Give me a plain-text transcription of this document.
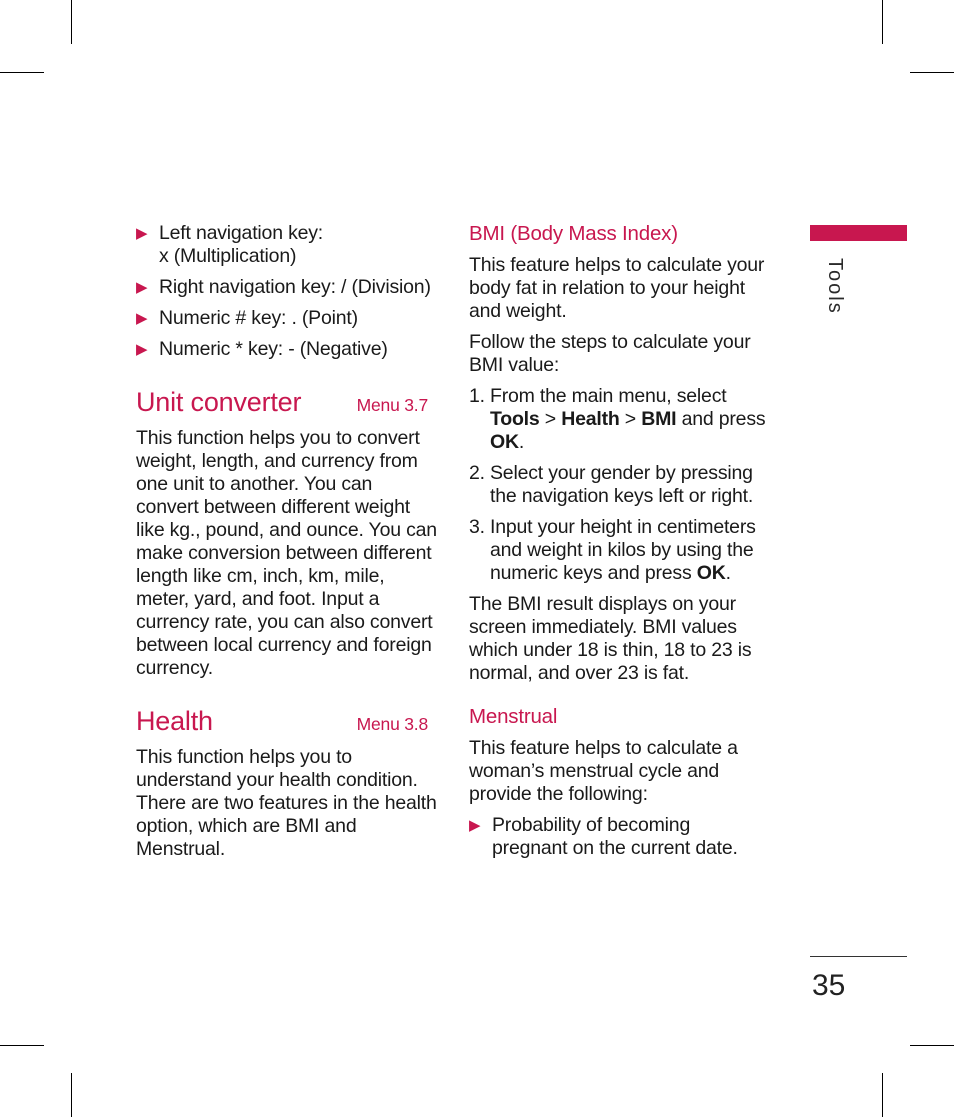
▶ Left navigation key:
x (Multiplication)
▶ Right navigation key: / (Division)
▶ Numeric # key: . (Point)
▶ Numeric * key: - (Negative)
Unit converter	Menu 3.7

This function helps you to convert weight, length, and currency from one unit to another. You can convert between different weight like kg., pound, and ounce. You can make conversion between different length like cm, inch, km, mile, meter, yard, and foot. Input a currency rate, you can also convert between local currency and foreign currency.

Health	Menu 3.8

This function helps you to understand your health condition. There are two features in the health option, which are BMI and Menstrual.

BMI (Body Mass Index)

This feature helps to calculate your body fat in relation to your height and weight.

Follow the steps to calculate your BMI value:

1. From the main menu, select Tools > Health > BMI and press OK.
2. Select your gender by pressing the navigation keys left or right.
3. Input your height in centimeters and weight in kilos by using the numeric keys and press OK.

The BMI result displays on your screen immediately. BMI values which under 18 is thin, 18 to 23 is normal, and over 23 is fat.

Menstrual

This feature helps to calculate a woman’s menstrual cycle and provide the following:

▶ Probability of becoming pregnant on the current date.
Tools
35
